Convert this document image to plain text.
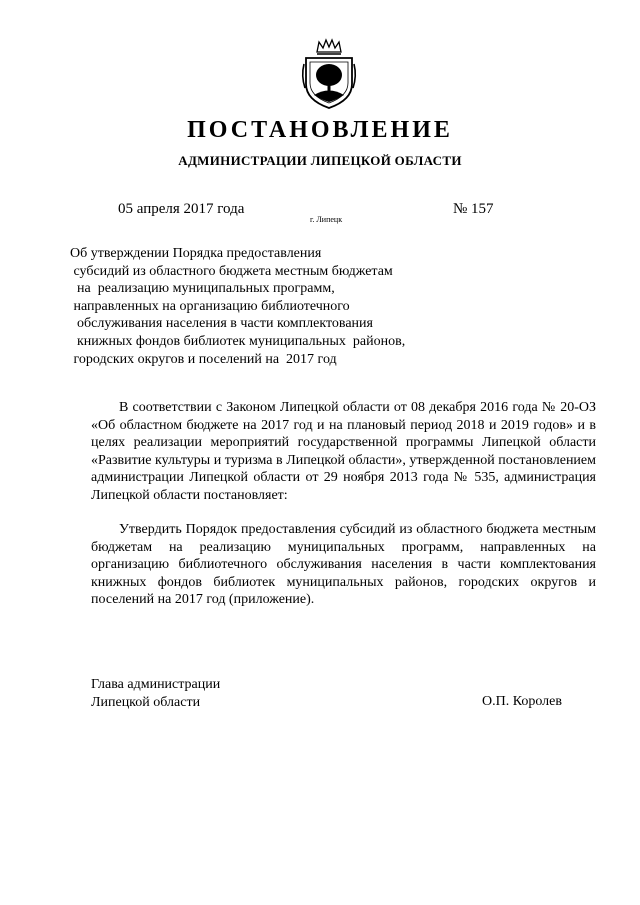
ПОСТАНОВЛЕНИЕ
АДМИНИСТРАЦИИ ЛИПЕЦКОЙ ОБЛАСТИ
05 апреля 2017 года
г. Липецк
№ 157
Об утверждении Порядка предоставления
субсидий из областного бюджета местным бюджетам
на  реализацию муниципальных программ,
направленных на организацию библиотечного
обслуживания населения в части комплектования
книжных фондов библиотек муниципальных  районов,
городских округов и поселений на  2017 год

В соответствии с Законом Липецкой области от 08 декабря 2016 года № 20-ОЗ «Об областном бюджете на 2017 год и на плановый период 2018 и 2019 годов» и в целях реализации мероприятий государственной программы Липецкой области «Развитие культуры и туризма в Липецкой области», утвержденной постановлением администрации Липецкой области от 29 ноября 2013 года № 535, администрация Липецкой области постановляет:

Утвердить Порядок предоставления субсидий из областного бюджета местным бюджетам на реализацию муниципальных программ, направленных на организацию библиотечного обслуживания населения в части комплектования книжных фондов библиотек муниципальных районов, городских округов и поселений на 2017 год (приложение).

Глава администрации
Липецкой области	О.П. Королев
